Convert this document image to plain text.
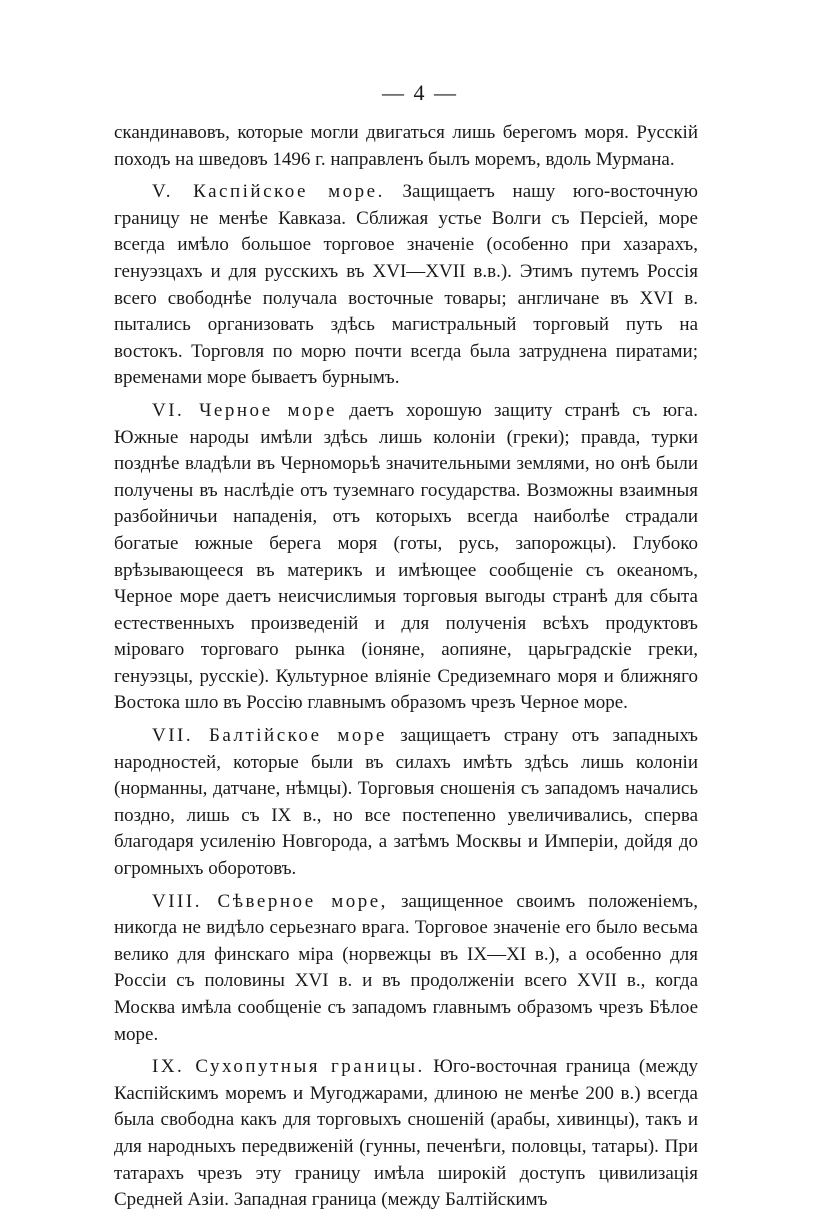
— 4 —

скандинавовъ, которые могли двигаться лишь берегомъ моря. Русскій походъ на шведовъ 1496 г. направленъ былъ моремъ, вдоль Мурмана.

V. Каспійское море. Защищаетъ нашу юго-восточную границу не менѣе Кавказа. Сближая устье Волги съ Персіей, море всегда имѣло большое торговое значеніе (особенно при хазарахъ, генуэзцахъ и для русскихъ въ XVI—XVII в.в.). Этимъ путемъ Россія всего свободнѣе получала восточные товары; англичане въ XVI в. пытались организовать здѣсь магистральный торговый путь на востокъ. Торговля по морю почти всегда была затруднена пиратами; временами море бываетъ бурнымъ.

VI. Черное море даетъ хорошую защиту странѣ съ юга. Южные народы имѣли здѣсь лишь колоніи (греки); правда, турки позднѣе владѣли въ Черноморьѣ значительными землями, но онѣ были получены въ наслѣдіе отъ туземнаго государства. Возможны взаимныя разбойничьи нападенія, отъ которыхъ всегда наиболѣе страдали богатые южные берега моря (готы, русь, запорожцы). Глубоко врѣзывающееся въ материкъ и имѣющее сообщеніе съ океаномъ, Черное море даетъ неисчислимыя торговыя выгоды странѣ для сбыта естественныхъ произведеній и для полученія всѣхъ продуктовъ міроваго торговаго рынка (іоняне, аопияне, царьградскіе греки, генуэзцы, русскіе). Культурное вліяніе Средиземнаго моря и ближняго Востока шло въ Россію главнымъ образомъ чрезъ Черное море.

VII. Балтійское море защищаетъ страну отъ западныхъ народностей, которые были въ силахъ имѣть здѣсь лишь колоніи (норманны, датчане, нѣмцы). Торговыя сношенія съ западомъ начались поздно, лишь съ IX в., но все постепенно увеличивались, сперва благодаря усиленію Новгорода, а затѣмъ Москвы и Имперіи, дойдя до огромныхъ оборотовъ.

VIII. Сѣверное море, защищенное своимъ положеніемъ, никогда не видѣло серьезнаго врага. Торговое значеніе его было весьма велико для финскаго міра (норвежцы въ IX—XI в.), а особенно для Россіи съ половины XVI в. и въ продолженіи всего XVII в., когда Москва имѣла сообщеніе съ западомъ главнымъ образомъ чрезъ Бѣлое море.

IX. Сухопутныя границы. Юго-восточная граница (между Каспійскимъ моремъ и Мугоджарами, длиною не менѣе 200 в.) всегда была свободна какъ для торговыхъ сношеній (арабы, хивинцы), такъ и для народныхъ передвиженій (гунны, печенѣги, половцы, татары). При татарахъ чрезъ эту границу имѣла широкій доступъ цивилизація Средней Азіи. Западная граница (между Балтійскимъ
